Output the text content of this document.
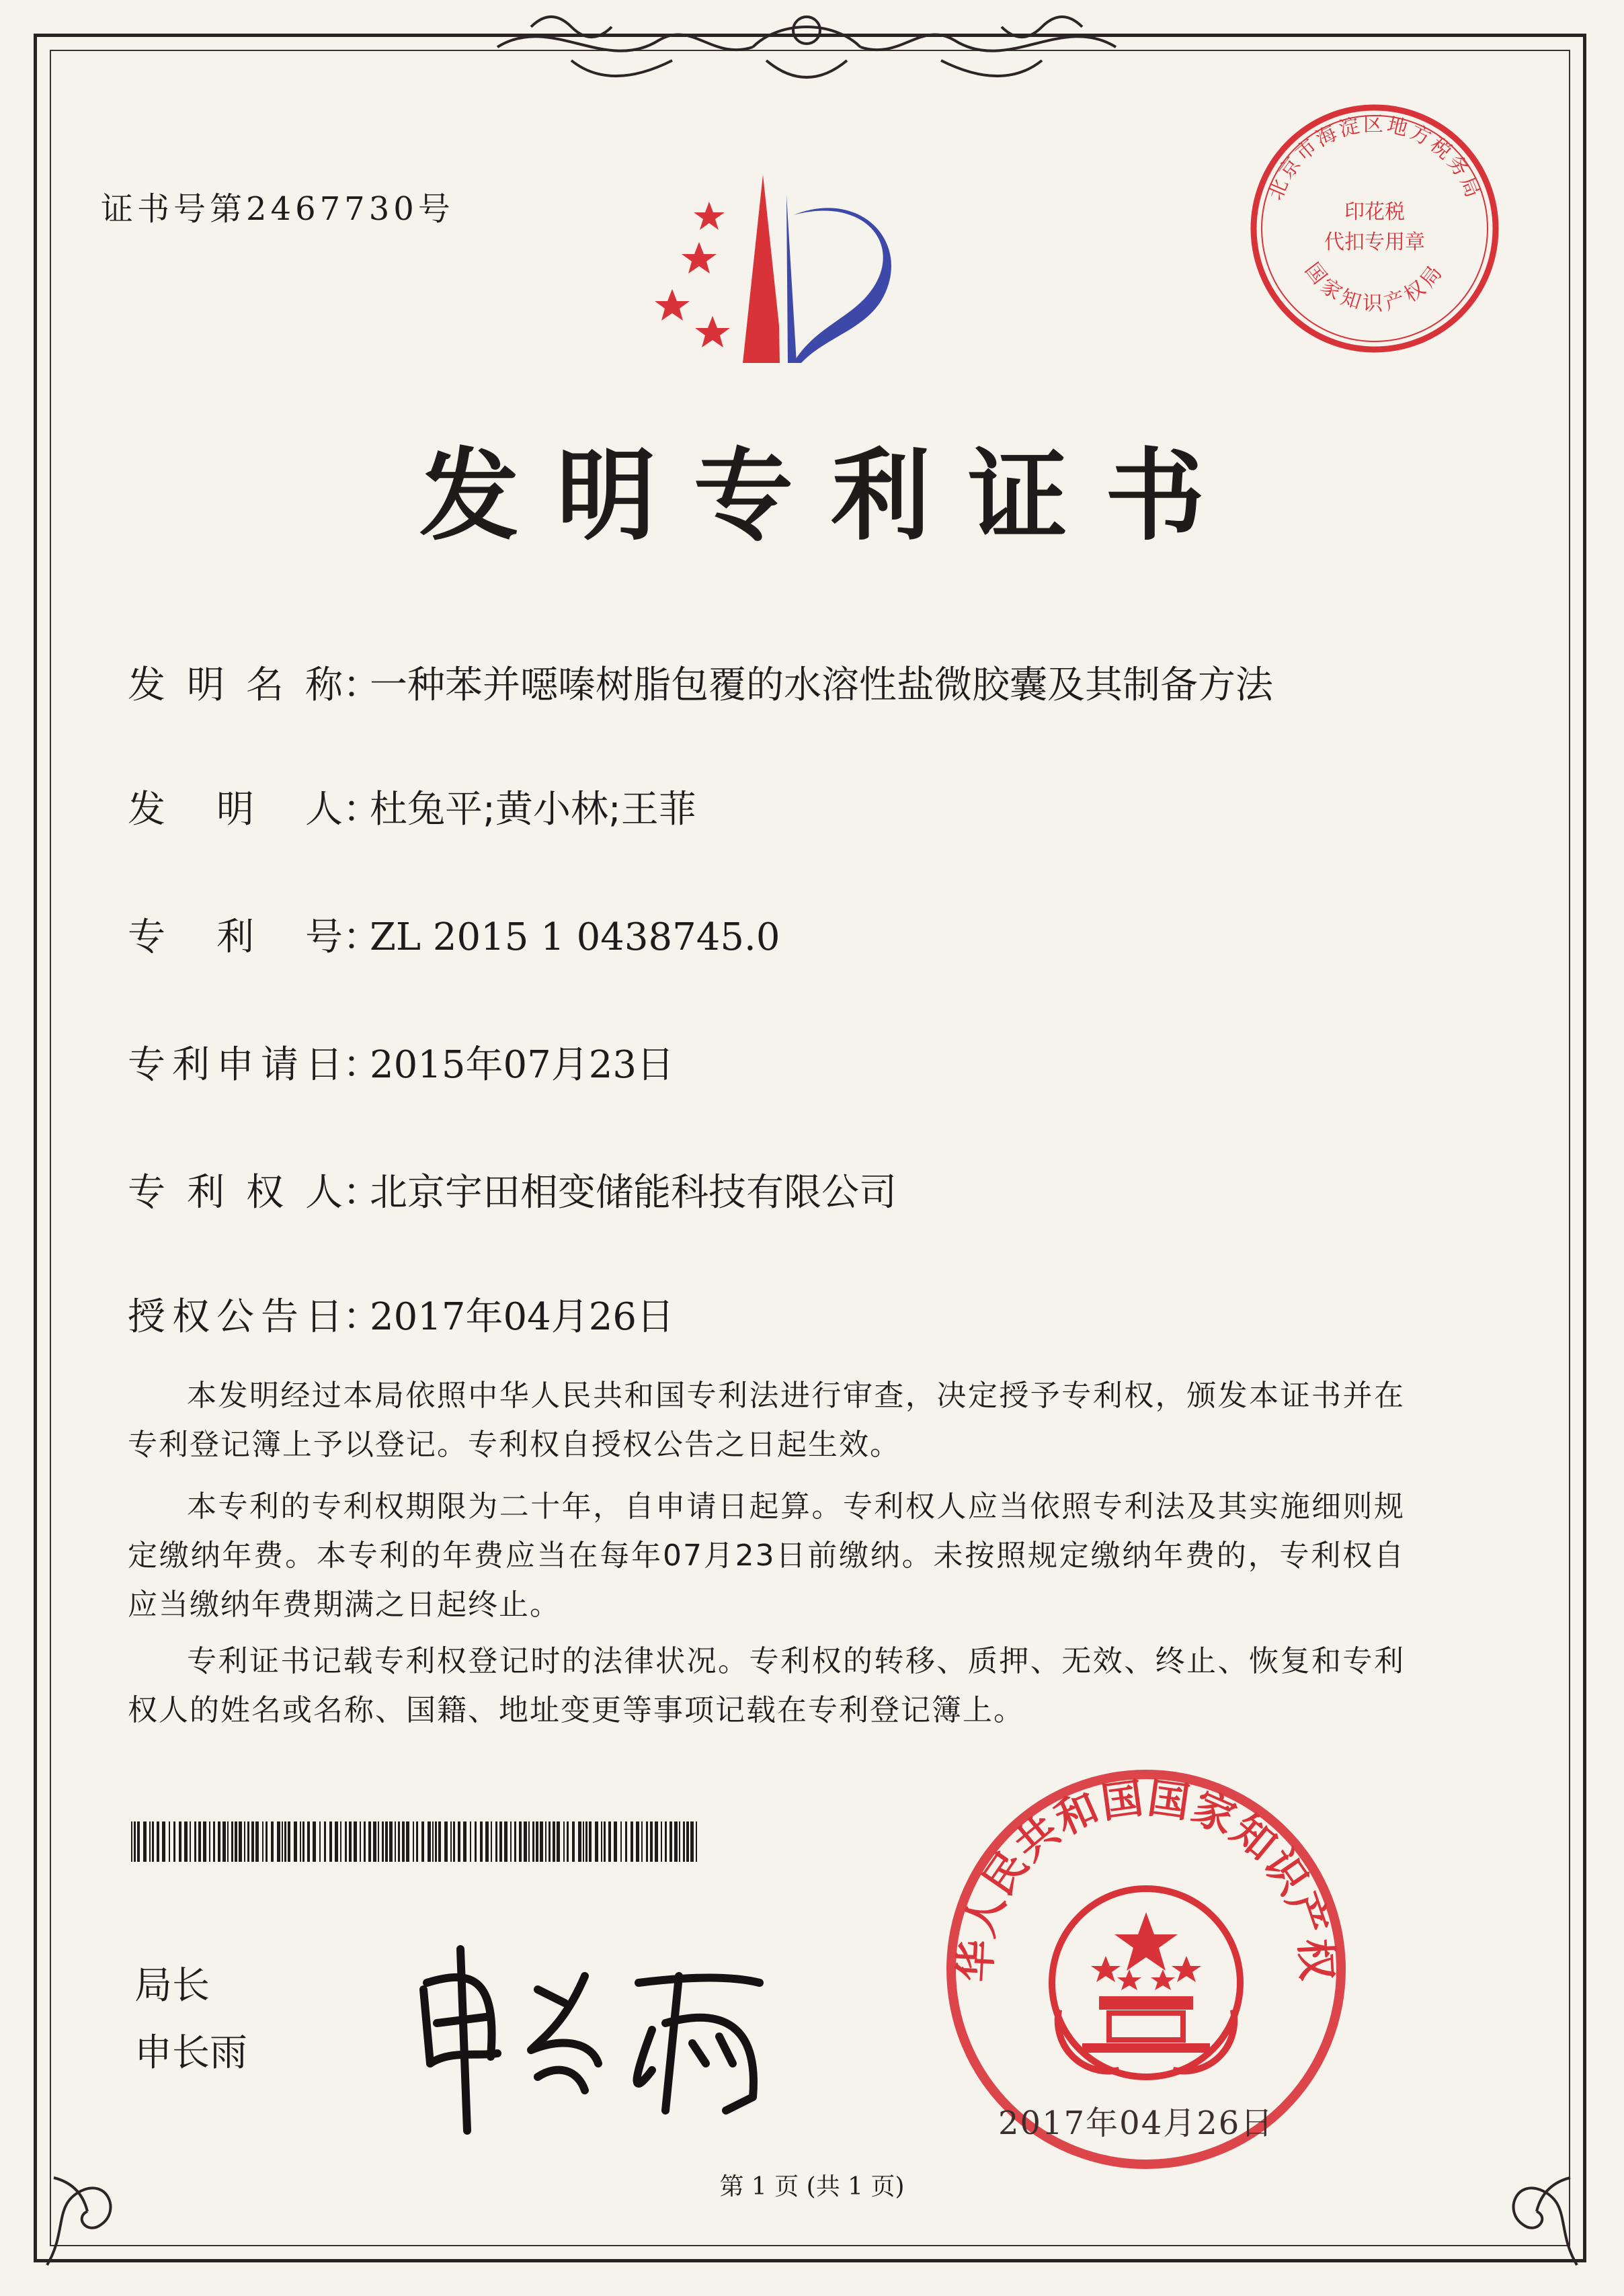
证书号第2467730号
北京市海淀区地方税务局
印花税
代扣专用章
国家知识产权局
发明专利证书
发明名称：一种苯并噁嗪树脂包覆的水溶性盐微胶囊及其制备方法
发明人：杜兔平;黄小林;王菲
专利号：ZL 2015 1 0438745.0
专利申请日：2015年07月23日
专利权人：北京宇田相变储能科技有限公司
授权公告日：2017年04月26日
本发明经过本局依照中华人民共和国专利法进行审查，决定授予专利权，颁发本证书并在专利登记簿上予以登记。专利权自授权公告之日起生效。
本专利的专利权期限为二十年，自申请日起算。专利权人应当依照专利法及其实施细则规定缴纳年费。本专利的年费应当在每年07月23日前缴纳。未按照规定缴纳年费的，专利权自应当缴纳年费期满之日起终止。
专利证书记载专利权登记时的法律状况。专利权的转移、质押、无效、终止、恢复和专利权人的姓名或名称、国籍、地址变更等事项记载在专利登记簿上。
局长
申长雨
华人民共和国国家知识产权
2017年04月26日
第 1 页 (共 1 页)
